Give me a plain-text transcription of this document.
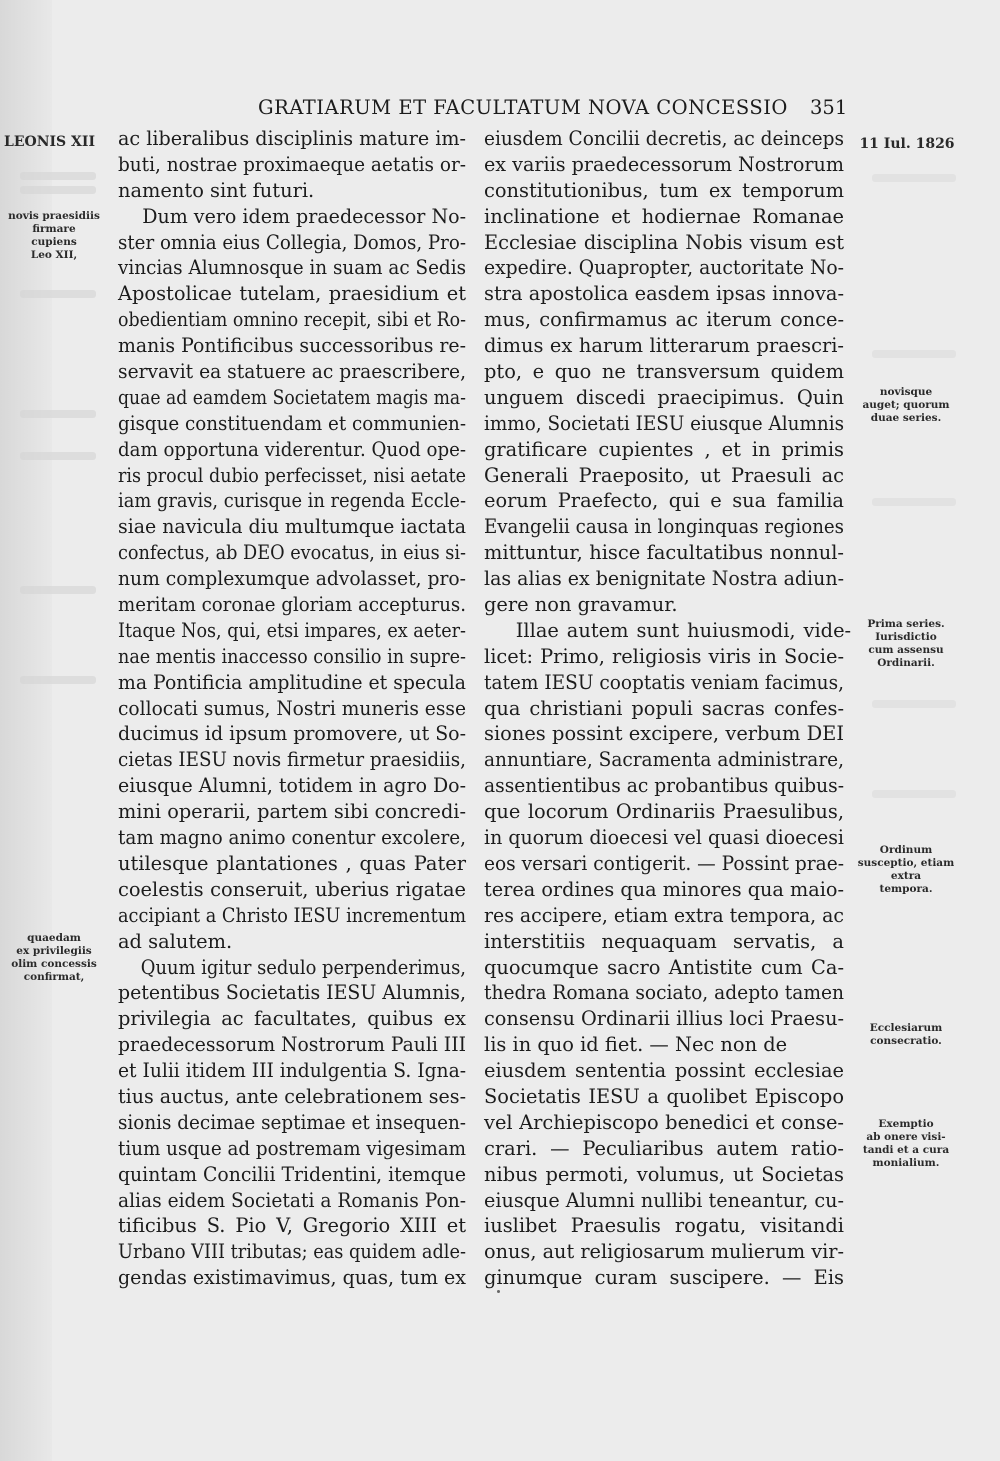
GRATIARUM ET FACULTATUM NOVA CONCESSIO 351
LEONIS XII
novis praesidiis
firmare
cupiens
Leo XII,
quaedam
ex privilegiis
olim concessis
confirmat,
ac liberalibus disciplinis mature im-
buti, nostrae proximaeque aetatis or-
namento sint futuri.
Dum vero idem praedecessor No-
ster omnia eius Collegia, Domos, Pro-
vincias Alumnosque in suam ac Sedis
Apostolicae tutelam, praesidium et
obedientiam omnino recepit, sibi et Ro-
manis Pontificibus successoribus re-
servavit ea statuere ac praescribere,
quae ad eamdem Societatem magis ma-
gisque constituendam et communien-
dam opportuna viderentur. Quod ope-
ris procul dubio perfecisset, nisi aetate
iam gravis, curisque in regenda Eccle-
siae navicula diu multumque iactata
confectus, ab DEO evocatus, in eius si-
num complexumque advolasset, pro-
meritam coronae gloriam accepturus.
Itaque Nos, qui, etsi impares, ex aeter-
nae mentis inaccesso consilio in supre-
ma Pontificia amplitudine et specula
collocati sumus, Nostri muneris esse
ducimus id ipsum promovere, ut So-
cietas IESU novis firmetur praesidiis,
eiusque Alumni, totidem in agro Do-
mini operarii, partem sibi concredi-
tam magno animo conentur excolere,
utilesque plantationes , quas Pater
coelestis conseruit, uberius rigatae
accipiant a Christo IESU incrementum
ad salutem.
Quum igitur sedulo perpenderimus,
petentibus Societatis IESU Alumnis,
privilegia ac facultates, quibus ex
praedecessorum Nostrorum Pauli III
et Iulii itidem III indulgentia S. Igna-
tius auctus, ante celebrationem ses-
sionis decimae septimae et insequen-
tium usque ad postremam vigesimam
quintam Concilii Tridentini, itemque
alias eidem Societati a Romanis Pon-
tificibus S. Pio V, Gregorio XIII et
Urbano VIII tributas; eas quidem adle-
gendas existimavimus, quas, tum ex
eiusdem Concilii decretis, ac deinceps
ex variis praedecessorum Nostrorum
constitutionibus, tum ex temporum
inclinatione et hodiernae Romanae
Ecclesiae disciplina Nobis visum est
expedire. Quapropter, auctoritate No-
stra apostolica easdem ipsas innova-
mus, confirmamus ac iterum conce-
dimus ex harum litterarum praescri-
pto, e quo ne transversum quidem
unguem discedi praecipimus. Quin
immo, Societati IESU eiusque Alumnis
gratificare cupientes , et in primis
Generali Praeposito, ut Praesuli ac
eorum Praefecto, qui e sua familia
Evangelii causa in longinquas regiones
mittuntur, hisce facultatibus nonnul-
las alias ex benignitate Nostra adiun-
gere non gravamur.
Illae autem sunt huiusmodi, vide-
licet: Primo, religiosis viris in Socie-
tatem IESU cooptatis veniam facimus,
qua christiani populi sacras confes-
siones possint excipere, verbum DEI
annuntiare, Sacramenta administrare,
assentientibus ac probantibus quibus-
que locorum Ordinariis Praesulibus,
in quorum dioecesi vel quasi dioecesi
eos versari contigerit. — Possint prae-
terea ordines qua minores qua maio-
res accipere, etiam extra tempora, ac
interstitiis nequaquam servatis, a
quocumque sacro Antistite cum Ca-
thedra Romana sociato, adepto tamen
consensu Ordinarii illius loci Praesu-
lis in quo id fiet. — Nec non de
eiusdem sententia possint ecclesiae
Societatis IESU a quolibet Episcopo
vel Archiepiscopo benedici et conse-
crari. — Peculiaribus autem ratio-
nibus permoti, volumus, ut Societas
eiusque Alumni nullibi teneantur, cu-
iuslibet Praesulis rogatu, visitandi
onus, aut religiosarum mulierum vir-
ginumque curam suscipere. — Eis
11 Iul. 1826
novisque
auget; quorum
duae series.
Prima series.
Iurisdictio
cum assensu
Ordinarii.
Ordinum
susceptio, etiam
extra
tempora.
Ecclesiarum
consecratio.
Exemptio
ab onere visi-
tandi et a cura
monialium.
